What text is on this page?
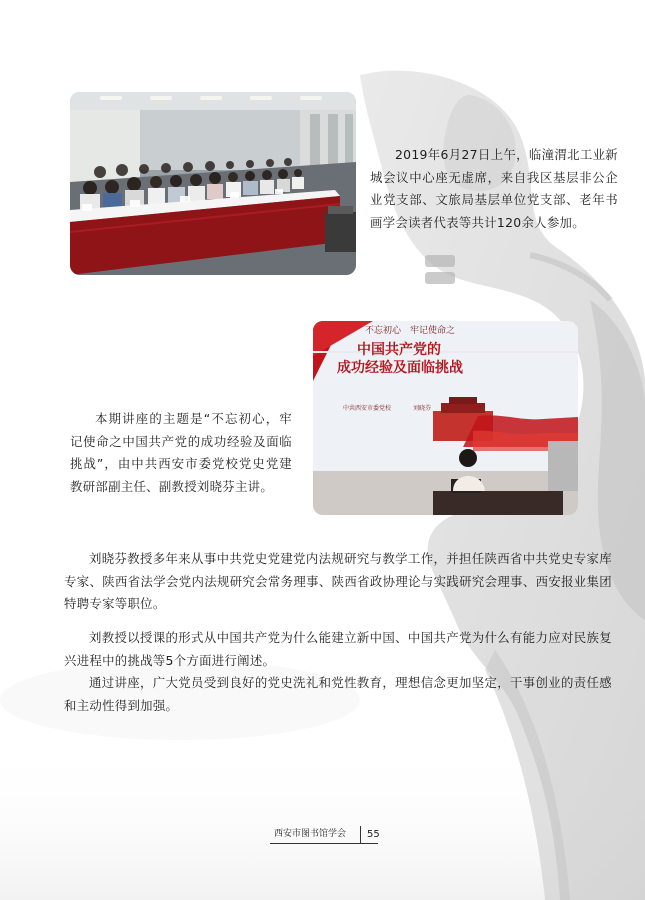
2019年6月27日上午，临潼渭北工业新城会议中心座无虚席，来自我区基层非公企业党支部、文旅局基层单位党支部、老年书画学会读者代表等共计120余人参加。

不忘初心　牢记使命之
中国共产党的
成功经验及面临挑战
中共西安市委党校	刘晓芬

本期讲座的主题是“不忘初心，牢记使命之中国共产党的成功经验及面临挑战”，由中共西安市委党校党史党建教研部副主任、副教授刘晓芬主讲。

刘晓芬教授多年来从事中共党史党建党内法规研究与教学工作，并担任陕西省中共党史专家库专家、陕西省法学会党内法规研究会常务理事、陕西省政协理论与实践研究会理事、西安报业集团特聘专家等职位。

刘教授以授课的形式从中国共产党为什么能建立新中国、中国共产党为什么有能力应对民族复兴进程中的挑战等5个方面进行阐述。

通过讲座，广大党员受到良好的党史洗礼和党性教育，理想信念更加坚定，干事创业的责任感和主动性得到加强。

西安市图书馆学会	55
